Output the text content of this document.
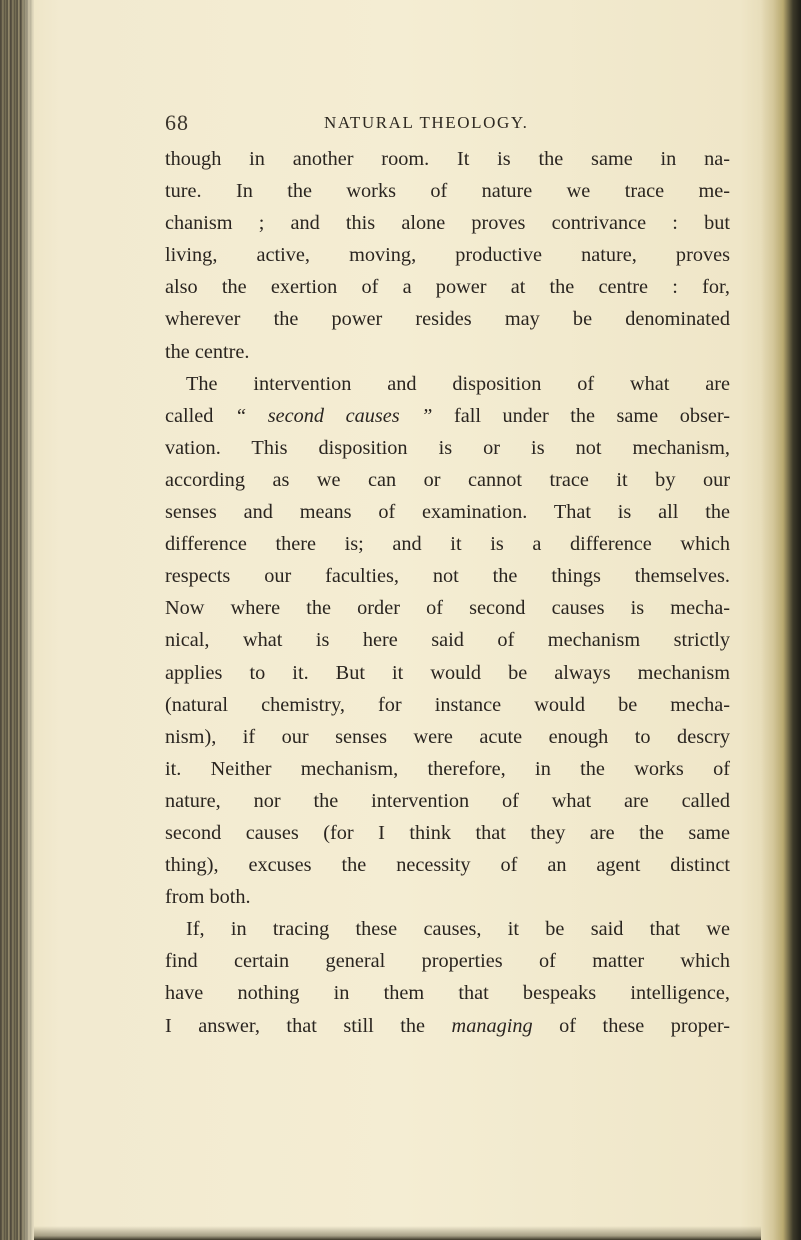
68	NATURAL THEOLOGY.
though in another room. It is the same in na-
ture. In the works of nature we trace me-
chanism ; and this alone proves contrivance : but
living, active, moving, productive nature, proves
also the exertion of a power at the centre : for,
wherever the power resides may be denominated
the centre.
The intervention and disposition of what are
called “ second causes ” fall under the same obser-
vation. This disposition is or is not mechanism,
according as we can or cannot trace it by our
senses and means of examination. That is all the
difference there is; and it is a difference which
respects our faculties, not the things themselves.
Now where the order of second causes is mecha-
nical, what is here said of mechanism strictly
applies to it. But it would be always mechanism
(natural chemistry, for instance would be mecha-
nism), if our senses were acute enough to descry
it. Neither mechanism, therefore, in the works of
nature, nor the intervention of what are called
second causes (for I think that they are the same
thing), excuses the necessity of an agent distinct
from both.
If, in tracing these causes, it be said that we
find certain general properties of matter which
have nothing in them that bespeaks intelligence,
I answer, that still the managing of these proper-
